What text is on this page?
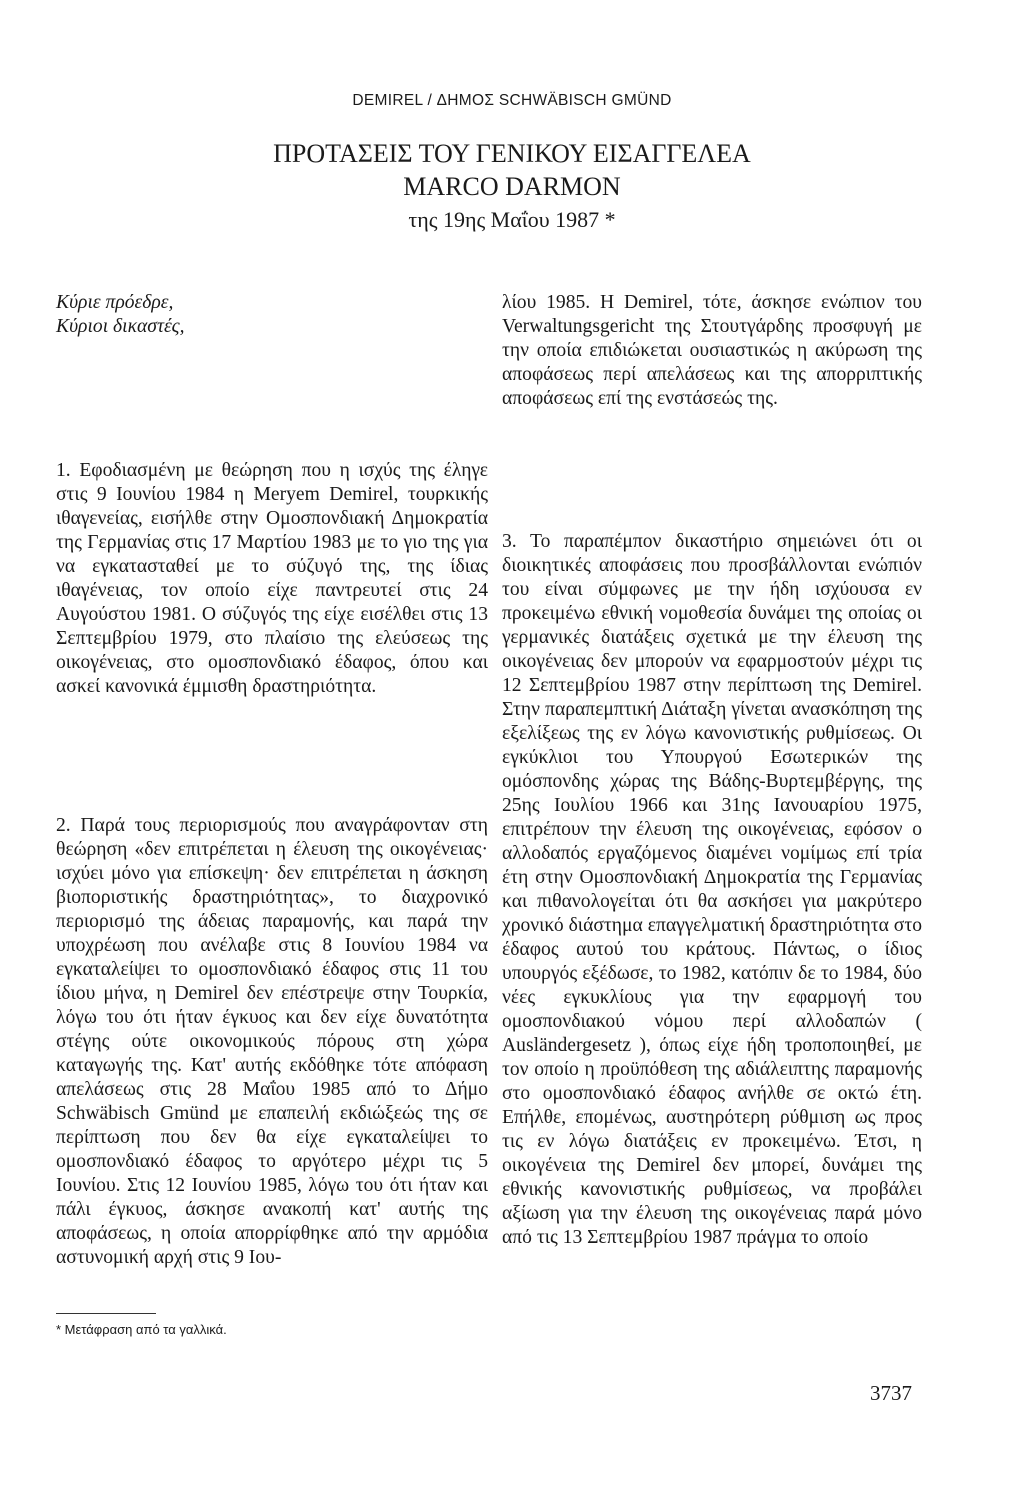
DEMIREL / ΔΗΜΟΣ SCHWÄBISCH GMÜND
ΠΡΟΤΑΣΕΙΣ ΤΟΥ ΓΕΝΙΚΟΥ ΕΙΣΑΓΓΕΛΕΑ
MARCO DARMON
της 19ης Μαΐου 1987 *
Κύριε πρόεδρε,
Κύριοι δικαστές,

1. Εφοδιασμένη με θεώρηση που η ισχύς της έληγε στις 9 Ιουνίου 1984 η Meryem Demirel, τουρκικής ιθαγενείας, εισήλθε στην Ομοσπονδιακή Δημοκρατία της Γερμανίας στις 17 Μαρτίου 1983 με το γιο της για να εγκατασταθεί με το σύζυγό της, της ίδιας ιθαγένειας, τον οποίο είχε παντρευτεί στις 24 Αυγούστου 1981. Ο σύζυγός της είχε εισέλθει στις 13 Σεπτεμβρίου 1979, στο πλαίσιο της ελεύσεως της οικογένειας, στο ομοσπονδιακό έδαφος, όπου και ασκεί κανονικά έμμισθη δραστηριότητα.

2. Παρά τους περιορισμούς που αναγράφονταν στη θεώρηση «δεν επιτρέπεται η έλευση της οικογένειας· ισχύει μόνο για επίσκεψη· δεν επιτρέπεται η άσκηση βιοποριστικής δραστηριότητας», το διαχρονικό περιορισμό της άδειας παραμονής, και παρά την υποχρέωση που ανέλαβε στις 8 Ιουνίου 1984 να εγκαταλείψει το ομοσπονδιακό έδαφος στις 11 του ίδιου μήνα, η Demirel δεν επέστρεψε στην Τουρκία, λόγω του ότι ήταν έγκυος και δεν είχε δυνατότητα στέγης ούτε οικονομικούς πόρους στη χώρα καταγωγής της. Κατ' αυτής εκδόθηκε τότε απόφαση απελάσεως στις 28 Μαΐου 1985 από το Δήμο Schwäbisch Gmünd με επαπειλή εκδιώξεώς της σε περίπτωση που δεν θα είχε εγκαταλείψει το ομοσπονδιακό έδαφος το αργότερο μέχρι τις 5 Ιουνίου. Στις 12 Ιουνίου 1985, λόγω του ότι ήταν και πάλι έγκυος, άσκησε ανακοπή κατ' αυτής της αποφάσεως, η οποία απορρίφθηκε από την αρμόδια αστυνομική αρχή στις 9 Ιου-

λίου 1985. Η Demirel, τότε, άσκησε ενώπιον του Verwaltungsgericht της Στουτγάρδης προσφυγή με την οποία επιδιώκεται ουσιαστικώς η ακύρωση της αποφάσεως περί απελάσεως και της απορριπτικής αποφάσεως επί της ενστάσεώς της.

3. Το παραπέμπον δικαστήριο σημειώνει ότι οι διοικητικές αποφάσεις που προσβάλλονται ενώπιόν του είναι σύμφωνες με την ήδη ισχύουσα εν προκειμένω εθνική νομοθεσία δυνάμει της οποίας οι γερμανικές διατάξεις σχετικά με την έλευση της οικογένειας δεν μπορούν να εφαρμοστούν μέχρι τις 12 Σεπτεμβρίου 1987 στην περίπτωση της Demirel. Στην παραπεμπτική Διάταξη γίνεται ανασκόπηση της εξελίξεως της εν λόγω κανονιστικής ρυθμίσεως. Οι εγκύκλιοι του Υπουργού Εσωτερικών της ομόσπονδης χώρας της Βάδης-Βυρτεμβέργης, της 25ης Ιουλίου 1966 και 31ης Ιανουαρίου 1975, επιτρέπουν την έλευση της οικογένειας, εφόσον ο αλλοδαπός εργαζόμενος διαμένει νομίμως επί τρία έτη στην Ομοσπονδιακή Δημοκρατία της Γερμανίας και πιθανολογείται ότι θα ασκήσει για μακρύτερο χρονικό διάστημα επαγγελματική δραστηριότητα στο έδαφος αυτού του κράτους. Πάντως, ο ίδιος υπουργός εξέδωσε, το 1982, κατόπιν δε το 1984, δύο νέες εγκυκλίους για την εφαρμογή του ομοσπονδιακού νόμου περί αλλοδαπών ( Ausländergesetz ), όπως είχε ήδη τροποποιηθεί, με τον οποίο η προϋπόθεση της αδιάλειπτης παραμονής στο ομοσπονδιακό έδαφος ανήλθε σε οκτώ έτη. Επήλθε, επομένως, αυστηρότερη ρύθμιση ως προς τις εν λόγω διατάξεις εν προκειμένω. Έτσι, η οικογένεια της Demirel δεν μπορεί, δυνάμει της εθνικής κανονιστικής ρυθμίσεως, να προβάλει αξίωση για την έλευση της οικογένειας παρά μόνο από τις 13 Σεπτεμβρίου 1987 πράγμα το οποίο

* Μετάφραση από τα γαλλικά.
3737
